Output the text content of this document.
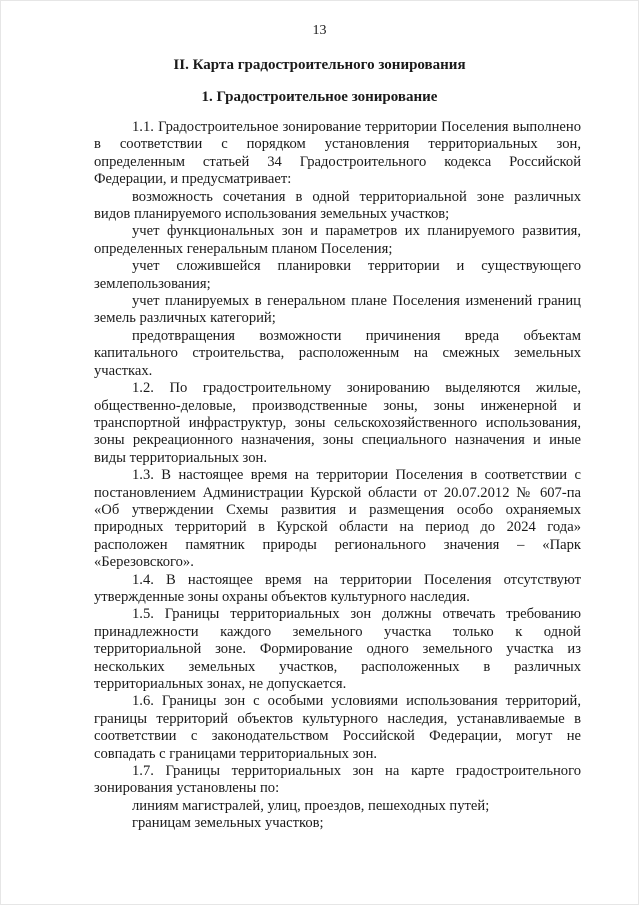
13
II. Карта градостроительного зонирования
1. Градостроительное зонирование

1.1. Градостроительное зонирование территории Поселения выполнено в соответствии с порядком установления территориальных зон, определенным статьей 34 Градостроительного кодекса Российской Федерации, и предусматривает:

возможность сочетания в одной территориальной зоне различных видов планируемого использования земельных участков;

учет функциональных зон и параметров их планируемого развития, определенных генеральным планом Поселения;

учет сложившейся планировки территории и существующего землепользования;

учет планируемых в генеральном плане Поселения изменений границ земель различных категорий;

предотвращения возможности причинения вреда объектам капитального строительства, расположенным на смежных земельных участках.

1.2. По градостроительному зонированию выделяются жилые, общественно-деловые, производственные зоны, зоны инженерной и транспортной инфраструктур, зоны сельскохозяйственного использования, зоны рекреационного назначения, зоны специального назначения и иные виды территориальных зон.

1.3. В настоящее время на территории Поселения в соответствии с постановлением Администрации Курской области от 20.07.2012 № 607-па «Об утверждении Схемы развития и размещения особо охраняемых природных территорий в Курской области на период до 2024 года» расположен памятник природы регионального значения – «Парк «Березовского».

1.4. В настоящее время на территории Поселения отсутствуют утвержденные зоны охраны объектов культурного наследия.

1.5. Границы территориальных зон должны отвечать требованию принадлежности каждого земельного участка только к одной территориальной зоне. Формирование одного земельного участка из нескольких земельных участков, расположенных в различных территориальных зонах, не допускается.

1.6. Границы зон с особыми условиями использования территорий, границы территорий объектов культурного наследия, устанавливаемые в соответствии с законодательством Российской Федерации, могут не совпадать с границами территориальных зон.

1.7. Границы территориальных зон на карте градостроительного зонирования установлены по:

линиям магистралей, улиц, проездов, пешеходных путей;

границам земельных участков;
